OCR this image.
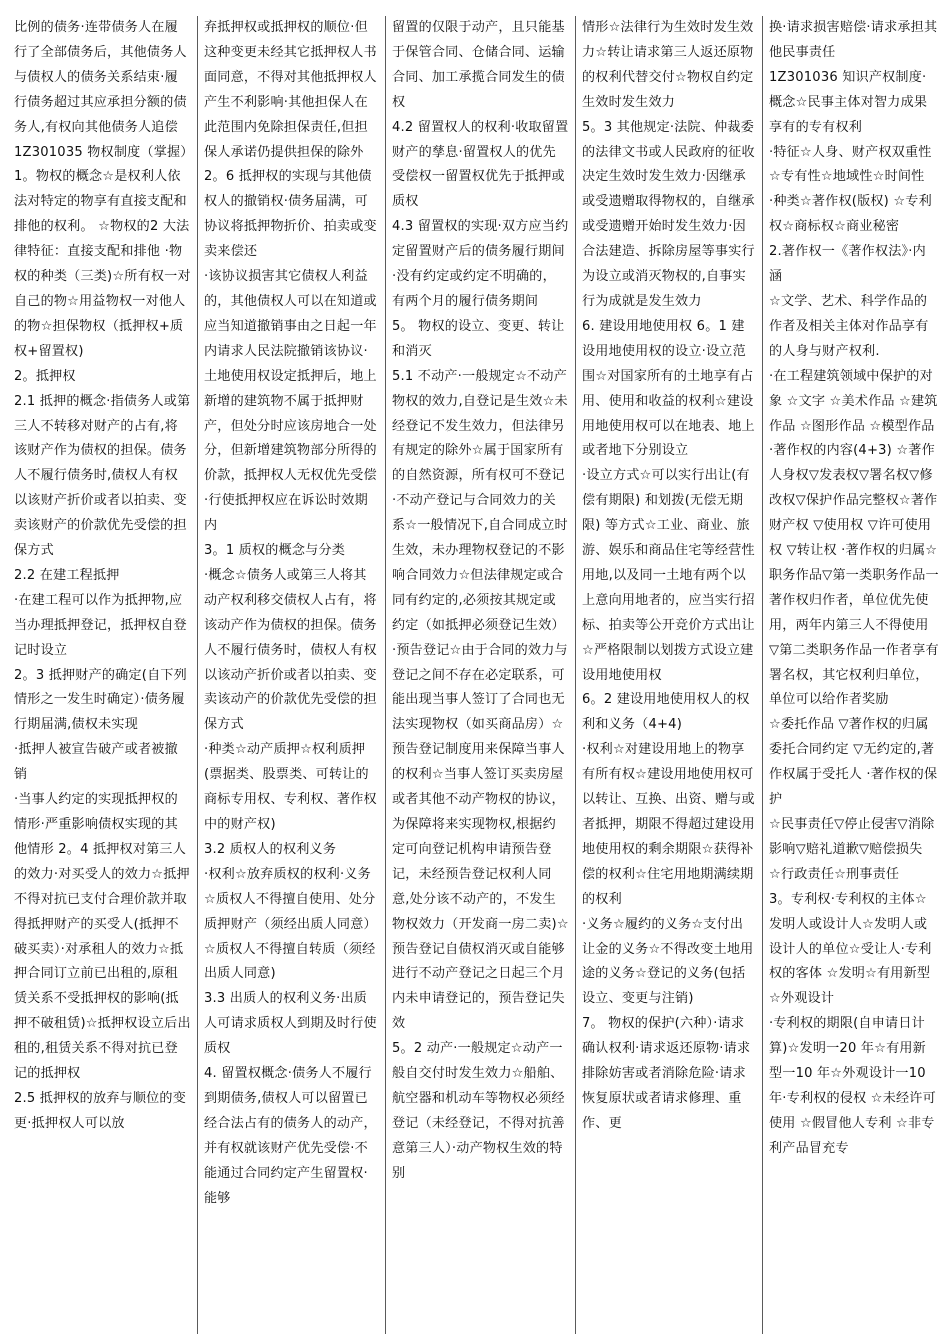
比例的债务·连带债务人在履行了全部债务后，其他债务人与债权人的债务关系结束·履行债务超过其应承担分额的债务人,有权向其他债务人追偿

1Z301035 物权制度（掌握）

1。物权的概念☆是权利人依法对特定的物享有直接支配和排他的权利。 ☆物权的2 大法律特征：直接支配和排他 ·物权的种类（三类)☆所有权一对自己的物☆用益物权一对他人的物☆担保物权（抵押权+质权+留置权)

2。抵押权

2.1 抵押的概念·指债务人或第三人不转移对财产的占有,将该财产作为债权的担保。债务人不履行债务时,债权人有权以该财产折价或者以拍卖、变卖该财产的价款优先受偿的担保方式

2.2 在建工程抵押

·在建工程可以作为抵押物,应当办理抵押登记，抵押权自登记时设立

2。3 抵押财产的确定(自下列情形之一发生时确定）·债务履行期届满,债权未实现

·抵押人被宣告破产或者被撤销

·当事人约定的实现抵押权的情形·严重影响债权实现的其他情形 2。4 抵押权对第三人的效力·对买受人的效力☆抵押不得对抗已支付合理价款并取得抵押财产的买受人(抵押不破买卖）·对承租人的效力☆抵押合同订立前已出租的,原租赁关系不受抵押权的影响(抵押不破租赁)☆抵押权设立后出租的,租赁关系不得对抗已登记的抵押权

2.5 抵押权的放弃与顺位的变更·抵押权人可以放

弃抵押权或抵押权的顺位·但这种变更未经其它抵押权人书面同意，不得对其他抵押权人产生不利影响·其他担保人在此范围内免除担保责任,但担保人承诺仍提供担保的除外

2。6 抵押权的实现与其他债权人的撤销权·债务届满，可协议将抵押物折价、拍卖或变卖来偿还

·该协议损害其它债权人利益的，其他债权人可以在知道或应当知道撤销事由之日起一年内请求人民法院撤销该协议·土地使用权设定抵押后，地上新增的建筑物不属于抵押财产，但处分时应该房地合一处分，但新增建筑物部分所得的价款，抵押权人无权优先受偿·行使抵押权应在诉讼时效期内

3。1 质权的概念与分类

·概念☆债务人或第三人将其动产权利移交债权人占有，将该动产作为债权的担保。债务人不履行债务时，债权人有权以该动产折价或者以拍卖、变卖该动产的价款优先受偿的担保方式

·种类☆动产质押☆权利质押(票据类、股票类、可转让的商标专用权、专利权、著作权中的财产权)

3.2 质权人的权利义务

·权利☆放弃质权的权利·义务☆质权人不得擅自使用、处分质押财产（须经出质人同意）☆质权人不得擅自转质（须经出质人同意)

3.3 出质人的权利义务·出质人可请求质权人到期及时行使质权

4. 留置权概念·债务人不履行到期债务,债权人可以留置已经合法占有的债务人的动产，并有权就该财产优先受偿·不能通过合同约定产生留置权·能够

留置的仅限于动产，且只能基于保管合同、仓储合同、运输合同、加工承揽合同发生的债权

4.2 留置权人的权利·收取留置财产的孳息·留置权人的优先受偿权一留置权优先于抵押或质权

4.3 留置权的实现·双方应当约定留置财产后的债务履行期间·没有约定或约定不明确的，有两个月的履行债务期间

5。 物权的设立、变更、转让和消灭

5.1 不动产·一般规定☆不动产物权的效力,自登记是生效☆未经登记不发生效力，但法律另有规定的除外☆属于国家所有的自然资源，所有权可不登记

·不动产登记与合同效力的关系☆一般情况下,自合同成立时生效，未办理物权登记的不影响合同效力☆但法律规定或合同有约定的,必须按其规定或约定（如抵押必须登记生效）

·预告登记☆由于合同的效力与登记之间不存在必定联系，可能出现当事人签订了合同也无法实现物权（如买商品房）☆预告登记制度用来保障当事人的权利☆当事人签订买卖房屋或者其他不动产物权的协议，为保障将来实现物权,根据约定可向登记机构申请预告登记，未经预告登记权利人同意,处分该不动产的，不发生物权效力（开发商一房二卖)☆预告登记自债权消灭或自能够进行不动产登记之日起三个月内未申请登记的，预告登记失效

5。2 动产·一般规定☆动产一般自交付时发生效力☆船舶、航空器和机动车等物权必须经登记（未经登记，不得对抗善意第三人）·动产物权生效的特别

情形☆法律行为生效时发生效力☆转让请求第三人返还原物的权利代替交付☆物权自约定生效时发生效力

5。3 其他规定·法院、仲裁委的法律文书或人民政府的征收决定生效时发生效力·因继承或受遗赠取得物权的，自继承或受遗赠开始时发生效力·因合法建造、拆除房屋等事实行为设立或消灭物权的,自事实行为成就是发生效力

6. 建设用地使用权 6。1 建设用地使用权的设立·设立范围☆对国家所有的土地享有占用、使用和收益的权利☆建设用地使用权可以在地表、地上或者地下分别设立

·设立方式☆可以实行出让(有偿有期限) 和划拨(无偿无期限) 等方式☆工业、商业、旅游、娱乐和商品住宅等经营性用地,以及同一土地有两个以上意向用地者的，应当实行招标、拍卖等公开竞价方式出让☆严格限制以划拨方式设立建设用地使用权

6。2 建设用地使用权人的权利和义务（4+4)

·权利☆对建设用地上的物享有所有权☆建设用地使用权可以转让、互换、出资、赠与或者抵押，期限不得超过建设用地使用权的剩余期限☆获得补偿的权利☆住宅用地期满续期的权利

·义务☆履约的义务☆支付出让金的义务☆不得改变土地用途的义务☆登记的义务(包括设立、变更与注销)

7。 物权的保护(六种）·请求确认权利·请求返还原物·请求排除妨害或者消除危险·请求恢复原状或者请求修理、重作、更

换·请求损害赔偿·请求承担其他民事责任

1Z301036 知识产权制度·概念☆民事主体对智力成果享有的专有权利

·特征☆人身、财产权双重性☆专有性☆地域性☆时间性

·种类☆著作权(版权) ☆专利权☆商标权☆商业秘密

2.著作权一《著作权法》·内涵

☆文学、艺术、科学作品的作者及相关主体对作品享有的人身与财产权利.

·在工程建筑领域中保护的对象 ☆文字 ☆美术作品 ☆建筑作品 ☆图形作品 ☆模型作品

·著作权的内容(4+3) ☆著作人身权▽发表权▽署名权▽修改权▽保护作品完整权☆著作财产权 ▽使用权 ▽许可使用权 ▽转让权 ·著作权的归属☆职务作品▽第一类职务作品一著作权归作者，单位优先使用，两年内第三人不得使用 ▽第二类职务作品一作者享有署名权，其它权利归单位，单位可以给作者奖励

☆委托作品 ▽著作权的归属委托合同约定 ▽无约定的,著作权属于受托人 ·著作权的保护

☆民事责任▽停止侵害▽消除影响▽赔礼道歉▽赔偿损失

☆行政责任☆刑事责任

3。专利权·专利权的主体☆发明人或设计人☆发明人或设计人的单位☆受让人·专利权的客体 ☆发明☆有用新型 ☆外观设计

·专利权的期限(自申请日计算)☆发明一20 年☆有用新型一10 年☆外观设计一10 年·专利权的侵权 ☆未经许可使用 ☆假冒他人专利 ☆非专利产品冒充专
